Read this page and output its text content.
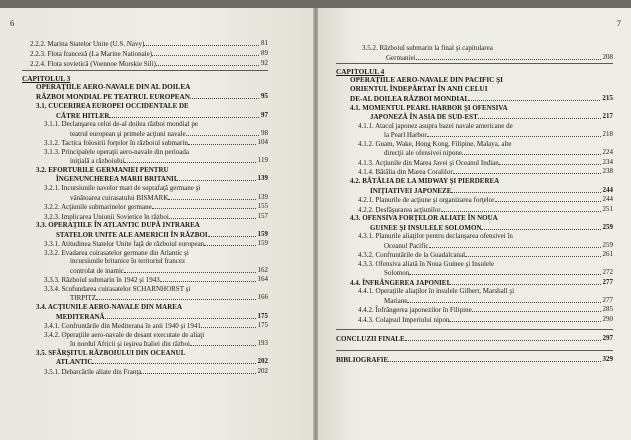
6
2.2.2. Marina Statelor Unite (U.S. Navy)	81
2.2.3. Flota franceză (La Marine Nationale)	89
2.2.4. Flota sovietică (Voennoe Morskie Sili)	92
CAPITOLUL 3
OPERAŢIILE AERO-NAVALE DIN AL DOILEA
RĂZBOI MONDIAL PE TEATRUL EUROPEAN	95
3.1. CUCERIREA EUROPEI OCCIDENTALE DE
CĂTRE HITLER	97
3.1.1. Declanşarea celui de-al doilea război mondial pe
teatrul european şi primele acţiuni navale	98
3.1.2. Tactica folosirii forţelor în războiul submarin	104
3.1.3. Principalele operaţii aero-navale din perioada
iniţială a războiului	119
3.2. EFORTURILE GERMANIEI PENTRU
ÎNGENUNCHEREA MARII BRITANII	139
3.2.1. Incursiunile navelor mari de suprafaţă germane şi
vânătoarea cuirasatului BISMARK	139
3.2.2. Acţiunile submarinelor germane	155
3.2.3. Implicarea Uniunii Sovietice în război	157
3.3. OPERAŢIILE ÎN ATLANTIC DUPĂ INTRAREA
STATELOR UNITE ALE AMERICII ÎN RĂZBOI	159
3.3.1. Atitudinea Statelor Unite faţă de războiul european	159
3.3.2. Evadarea cuirasatelor germane din Atlantic şi
incursiunile britanice în teritoriul francez
controlat de inamic	162
3.3.3. Războiul submarin în 1942 şi 1943	164
3.3.4. Scufundarea cuirasatelor SCHARNHORST şi
TIRPITZ	166
3.4. ACŢIUNILE AERO-NAVALE DIN MAREA
MEDITERANĂ	175
3.4.1. Confruntările din Mediterana în anii 1940 şi 1941	175
3.4.2. Operaţiile aero-navale de desant executate de aliaţi
în nordul Africii şi ieşirea Italiei din război	193
3.5. SFÂRŞITUL RĂZBOIULUI DIN OCEANUL
ATLANTIC	202
3.5.1. Debarcările aliate din Franţa	202
7
3.5.2. Războiul submarin la final şi capitularea
Germaniei	208
CAPITOLUL 4
OPERAŢIILE AERO-NAVALE DIN PACIFIC ŞI
ORIENTUL ÎNDEPĂRTAT ÎN ANII CELUI
DE-AL DOILEA RĂZBOI MONDIAL	215
4.1. MOMENTUL PEARL HARBOR ŞI OFENSIVA
JAPONEZĂ ÎN ASIA DE SUD-EST	217
4.1.1. Atacul japonez asupra bazei navale americane de
la Pearl Harbor	218
4.1.2. Guam, Wake, Hong Kong, Filipine, Malaya, alte
direcţii ale ofensivei nipone	224
4.1.3. Acţiunile din Marea Javei şi Oceanul Indian	234
4.1.4. Bătălia din Marea Coralilor	238
4.2. BĂTĂLIA DE LA MIDWAY ŞI PIERDEREA
INIŢIATIVEI JAPONEZE	244
4.2.1. Planurile de acţiune şi organizarea forţelor	244
4.2.2. Desfăşurarea acţiunilor	251
4.3. OFENSIVA FORŢELOR ALIATE ÎN NOUA
GUINEE ŞI INSULELE SOLOMON	259
4.3.1. Planurile aliaţilor pentru declanşarea ofensivei în
Oceanul Pacific	259
4.3.2. Confruntările de la Guadalcanal	261
4.3.3. Ofensiva aliată în Noua Guinee şi Insulele
Solomon	272
4.4. ÎNFRÂNGEREA JAPONIEI	277
4.4.1. Operaţiile aliaţilor în insulele Gilbert, Marshall şi
Mariane	277
4.4.2. Înfrângerea japonezilor în Filipine	285
4.4.3. Colapsul Imperiului nipon	290
CONCLUZII FINALE	297
BIBLIOGRAFIE	329
